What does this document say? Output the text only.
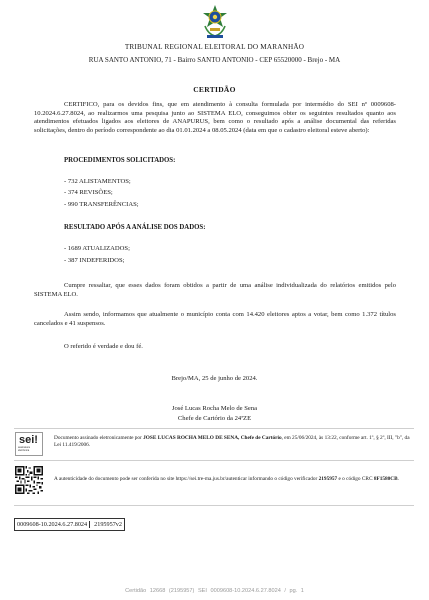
TRIBUNAL REGIONAL ELEITORAL DO MARANHÃO
RUA SANTO ANTONIO, 71 - Bairro SANTO ANTONIO - CEP 65520000 - Brejo - MA
CERTIDÃO
CERTIFICO, para os devidos fins, que em atendimento à consulta formulada por intermédio do SEI nº 0009608-10.2024.6.27.8024, ao realizarmos uma pesquisa junto ao SISTEMA ELO, conseguimos obter os seguintes resultados quanto aos atendimentos efetuados ligados aos eleitores de ANAPURUS, bem como o resultado após a análise documental das referidas solicitações, dentro do período correspondente ao dia 01.01.2024 a 08.05.2024 (data em que o cadastro eleitoral esteve aberto):
PROCEDIMENTOS SOLICITADOS:
- 732 ALISTAMENTOS;
- 374 REVISÕES;
- 990 TRANSFERÊNCIAS;
RESULTADO APÓS A ANÁLISE DOS DADOS:
- 1689 ATUALIZADOS;
- 387 INDEFERIDOS;
Cumpre ressaltar, que esses dados foram obtidos a partir de uma análise individualizada do relatórios emitidos pelo SISTEMA ELO.
Assim sendo, informamos que atualmente o município conta com 14.420 eleitores aptos a votar, bem como 1.372 títulos cancelados e 41 suspensos.
O referido é verdade e dou fé.
Brejo/MA, 25 de junho de 2024.
José Lucas Rocha Melo de Sena
Chefe de Cartório da 24ªZE
sei!
assinatura eletrônica
Documento assinado eletronicamente por JOSE LUCAS ROCHA MELO DE SENA, Chefe de Cartório, em 25/06/2024, às 13:22, conforme art. 1º, § 2º, III, "b", da Lei 11.419/2006.
A autenticidade do documento pode ser conferida no site https://sei.tre-ma.jus.br/autenticar informando o código verificador 2195957 e o código CRC 8F1580CB.
0009608-10.2024.6.27.8024 2195957v2
Certidão 12668 (2195957) SEI 0009608-10.2024.6.27.8024 / pg. 1
